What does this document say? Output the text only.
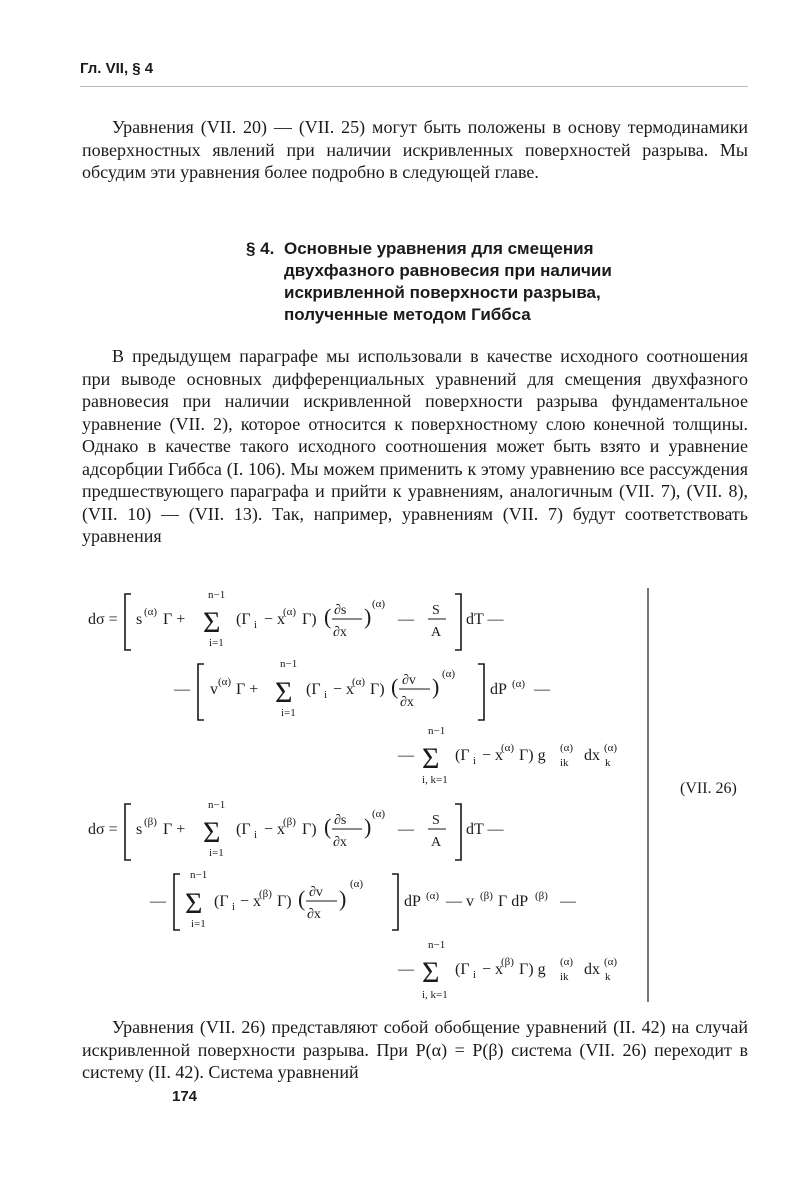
Гл. VII, § 4

Уравнения (VII. 20) — (VII. 25) могут быть положены в основу термодинамики поверхностных явлений при наличии искривленных поверхностей разрыва. Мы обсудим эти уравнения более подробно в следующей главе.

§ 4. Основные уравнения для смещения двухфазного равновесия при наличии искривленной поверхности разрыва, полученные методом Гиббса

В предыдущем параграфе мы использовали в качестве исходного соотношения при выводе основных дифференциальных уравнений для смещения двухфазного равновесия при наличии искривленной поверхности разрыва фундаментальное уравнение (VII. 2), которое относится к поверхностному слою конечной толщины. Однако в качестве такого исходного соотношения может быть взято и уравнение адсорбции Гиббса (I. 106). Мы можем применить к этому уравнению все рассуждения предшествующего параграфа и прийти к уравнениям, аналогичным (VII. 7), (VII. 8), (VII. 10) — (VII. 13). Так, например, уравнениям (VII. 7) будут соответствовать уравнения

dσ = s (α) Γ +
n−1
Σ
i=1
(Γ i − x
(α) Γ) ( ∂s
∂x
) (α)
—
S
A
dT —
— v (α) Γ +
n−1
Σ
i=1
(Γ i − x
(α) Γ) ( ∂v
∂x
) (α)
dP (α) —
—
n−1
Σ
i, k=1
(Γ i − x
(α) Γ) g (α)
ik dx (α)
k
dσ = s (β) Γ +
n−1
Σ
i=1
(Γ i − x
(β) Γ) ( ∂s
∂x
) (α)
—
S
A
dT —
—
n−1
Σ
i=1
(Γ i − x
(β) Γ) ( ∂v
∂x
)
(α)
dP (α) — v (β) Γ dP (β) —
—
n−1
Σ
i, k=1
(Γ i − x
(β) Γ) g (α)
ik dx (α)
k
(VII. 26)

Уравнения (VII. 26) представляют собой обобщение уравнений (II. 42) на случай искривленной поверхности разрыва. При P(α) = P(β) система (VII. 26) переходит в систему (II. 42). Система уравнений

174
